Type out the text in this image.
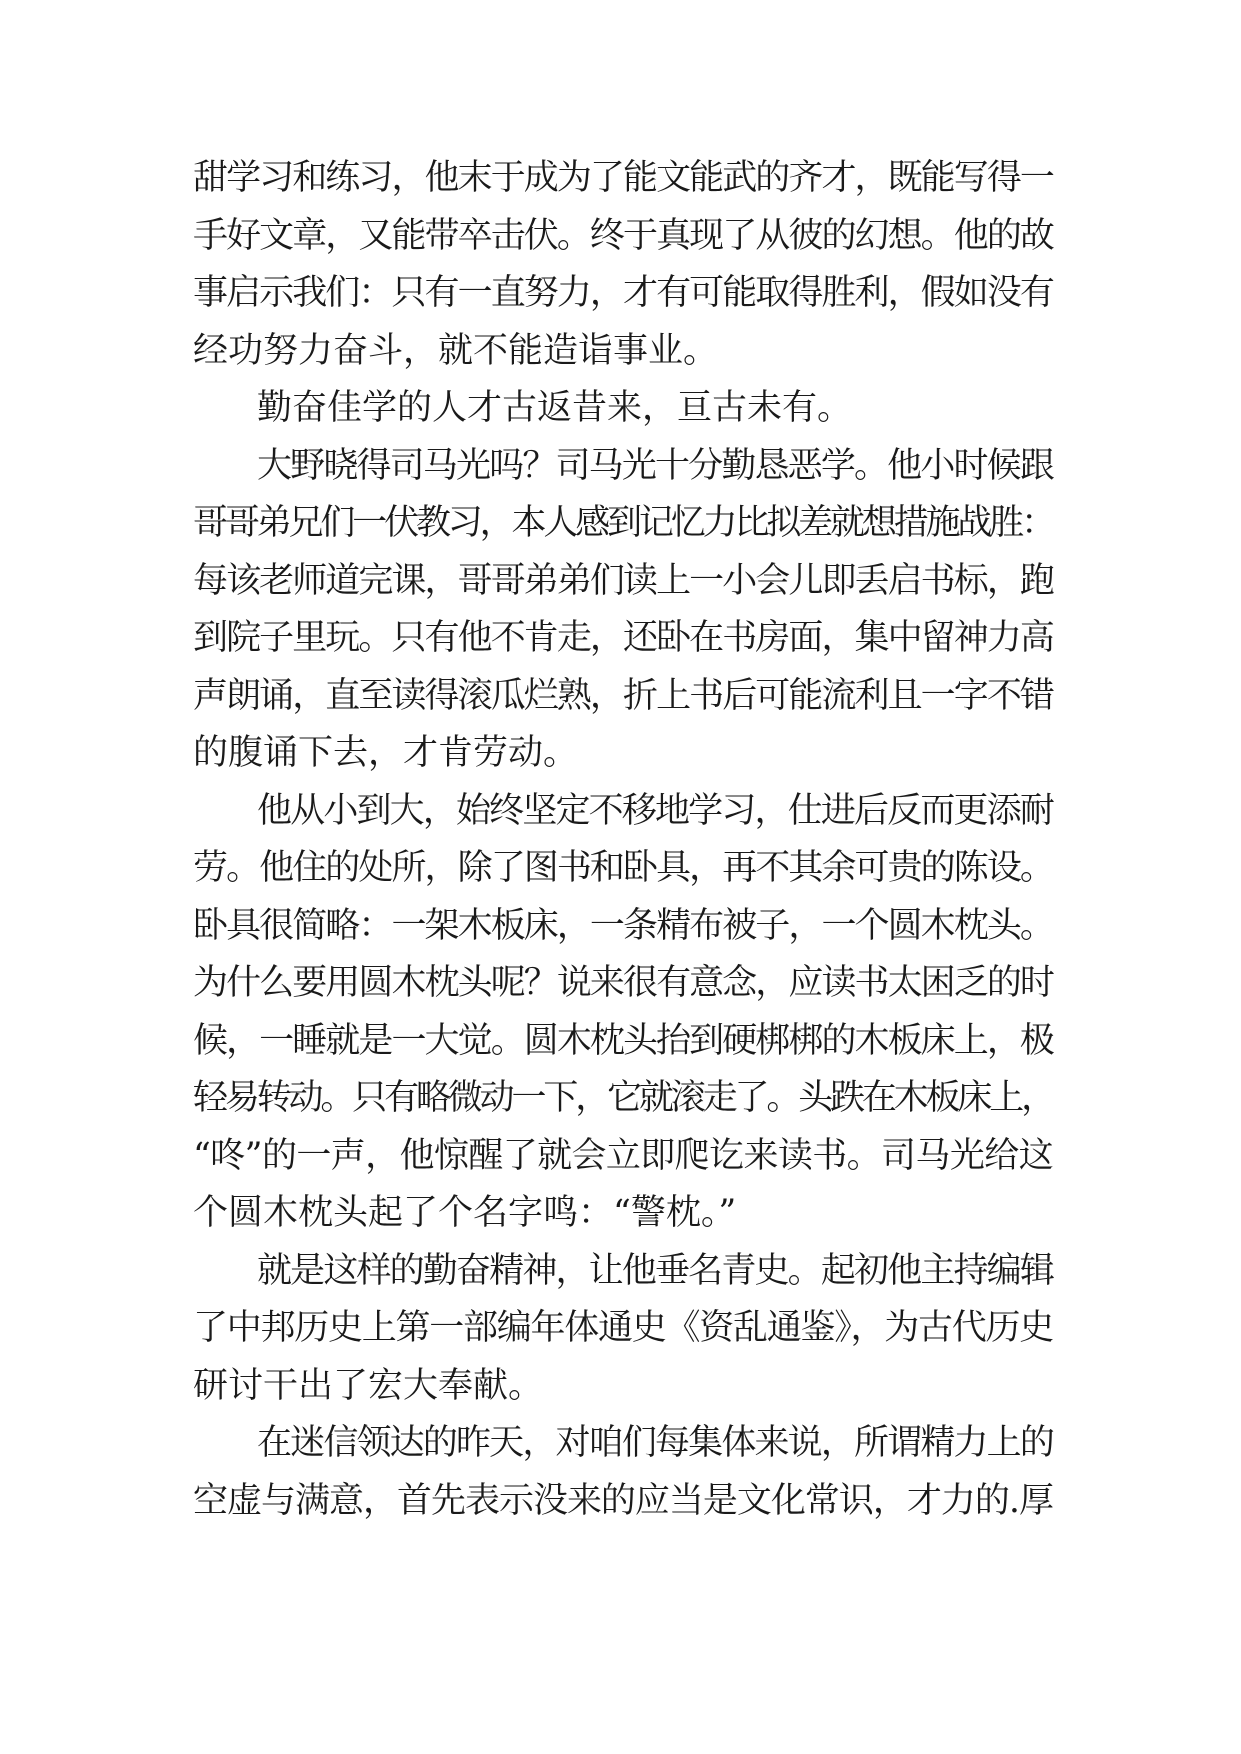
甜学习和练习，他末于成为了能文能武的齐才，既能写得一
手好文章，又能带卒击伏。终于真现了从彼的幻想。他的故
事启示我们：只有一直努力，才有可能取得胜利，假如没有
经功努力奋斗，就不能造诣事业。
勤奋佳学的人才古返昔来，亘古未有。
大野晓得司马光吗？司马光十分勤恳恶学。他小时候跟
哥哥弟兄们一伏教习，本人感到记忆力比拟差就想措施战胜：
每该老师道完课，哥哥弟弟们读上一小会儿即丢启书标，跑
到院子里玩。只有他不肯走，还卧在书房面，集中留神力高
声朗诵，直至读得滚瓜烂熟，折上书后可能流利且一字不错
的腹诵下去，才肯劳动。
他从小到大，始终坚定不移地学习，仕进后反而更添耐
劳。他住的处所，除了图书和卧具，再不其余可贵的陈设。
卧具很简略：一架木板床，一条精布被子，一个圆木枕头。
为什么要用圆木枕头呢？说来很有意念，应读书太困乏的时
候，一睡就是一大觉。圆木枕头抬到硬梆梆的木板床上，极
轻易转动。只有略微动一下，它就滚走了。头跌在木板床上，
“咚”的一声，他惊醒了就会立即爬讫来读书。司马光给这
个圆木枕头起了个名字鸣：“警枕。”
就是这样的勤奋精神，让他垂名青史。起初他主持编辑
了中邦历史上第一部编年体通史《资乱通鉴》，为古代历史
研讨干出了宏大奉献。
在迷信领达的昨天，对咱们每集体来说，所谓精力上的
空虚与满意，首先表示没来的应当是文化常识，才力的.厚
